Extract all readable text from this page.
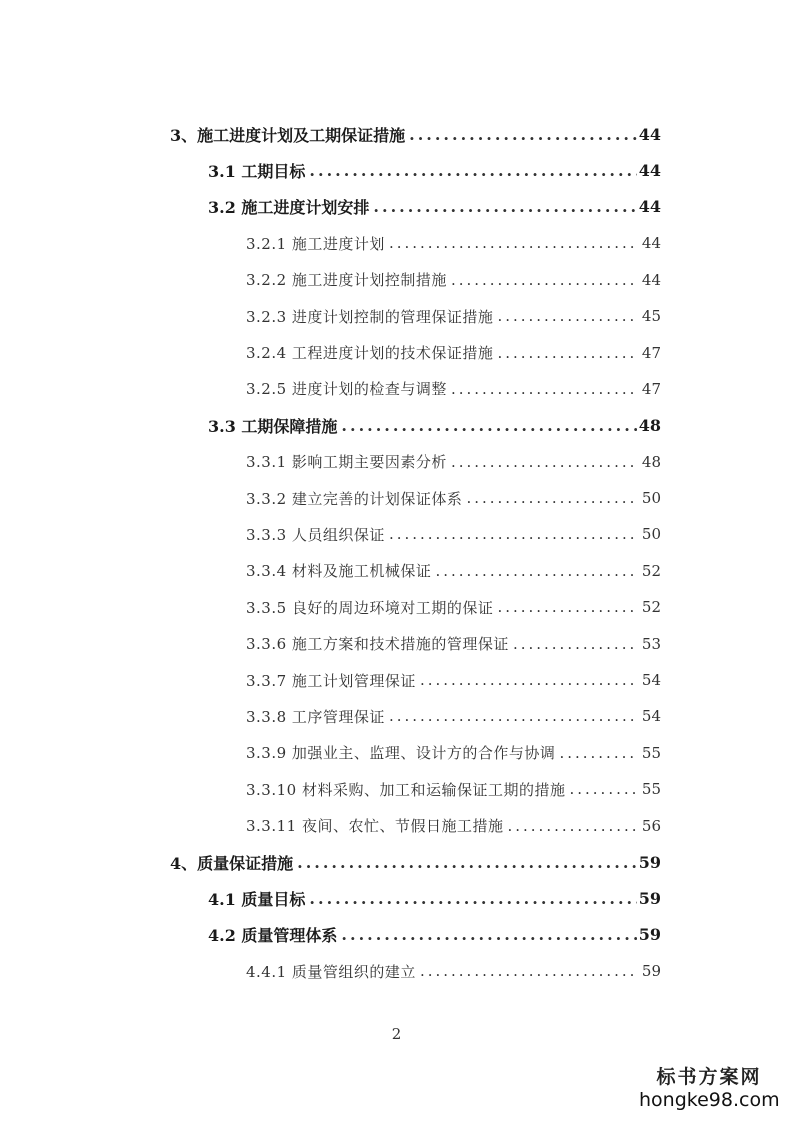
3、施工进度计划及工期保证措施 .....	44
3.1 工期目标 .....	44
3.2 施工进度计划安排 .....	44
3.2.1 施工进度计划 .....	44
3.2.2 施工进度计划控制措施 .....	44
3.2.3 进度计划控制的管理保证措施 .....	45
3.2.4 工程进度计划的技术保证措施 .....	47
3.2.5 进度计划的检查与调整 .....	47
3.3 工期保障措施 .....	48
3.3.1 影响工期主要因素分析 .....	48
3.3.2 建立完善的计划保证体系 .....	50
3.3.3 人员组织保证 .....	50
3.3.4 材料及施工机械保证 .....	52
3.3.5 良好的周边环境对工期的保证 .....	52
3.3.6 施工方案和技术措施的管理保证 .....	53
3.3.7 施工计划管理保证 .....	54
3.3.8 工序管理保证 .....	54
3.3.9 加强业主、监理、设计方的合作与协调 .....	55
3.3.10 材料采购、加工和运输保证工期的措施 .....	55
3.3.11 夜间、农忙、节假日施工措施 .....	56
4、质量保证措施 .....	59
4.1 质量目标 .....	59
4.2 质量管理体系 .....	59
4.4.1 质量管组织的建立 .....	59
2
标书方案网
hongke98.com
